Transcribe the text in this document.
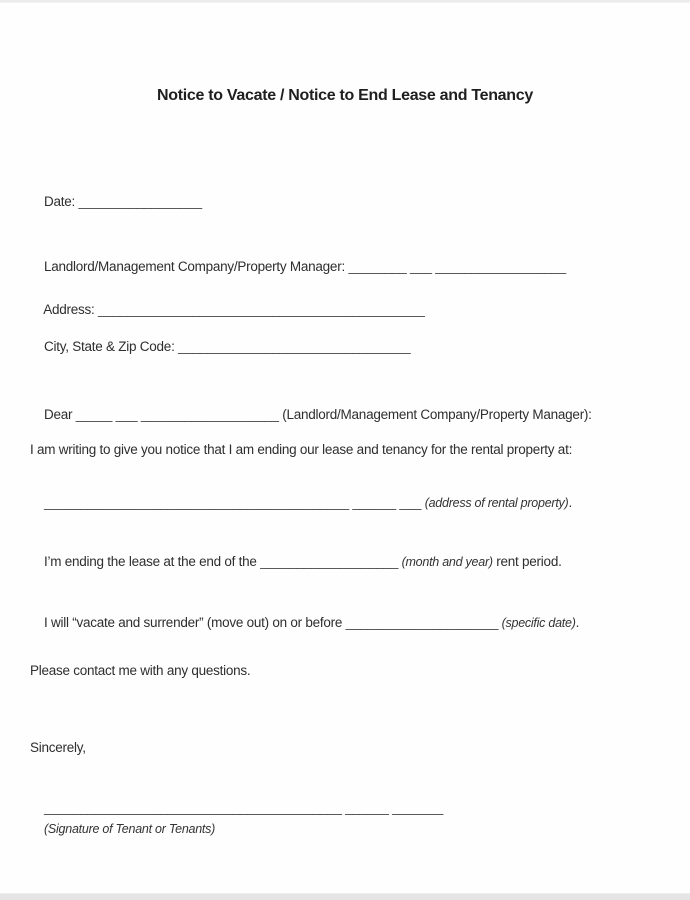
Notice to Vacate / Notice to End Lease and Tenancy

Date: _________________

Landlord/Management Company/Property Manager: ________ ___ __________________

Address: _____________________________________________

City, State & Zip Code: ________________________________

Dear _____ ___ ___________________ (Landlord/Management Company/Property Manager):

I am writing to give you notice that I am ending our lease and tenancy for the rental property at:

__________________________________________ ______ ___ (address of rental property).

I’m ending the lease at the end of the ___________________ (month and year) rent period.

I will “vacate and surrender” (move out) on or before _____________________ (specific date).

Please contact me with any questions.
Sincerely,

_________________________________________ ______ _______

(Signature of Tenant or Tenants)
